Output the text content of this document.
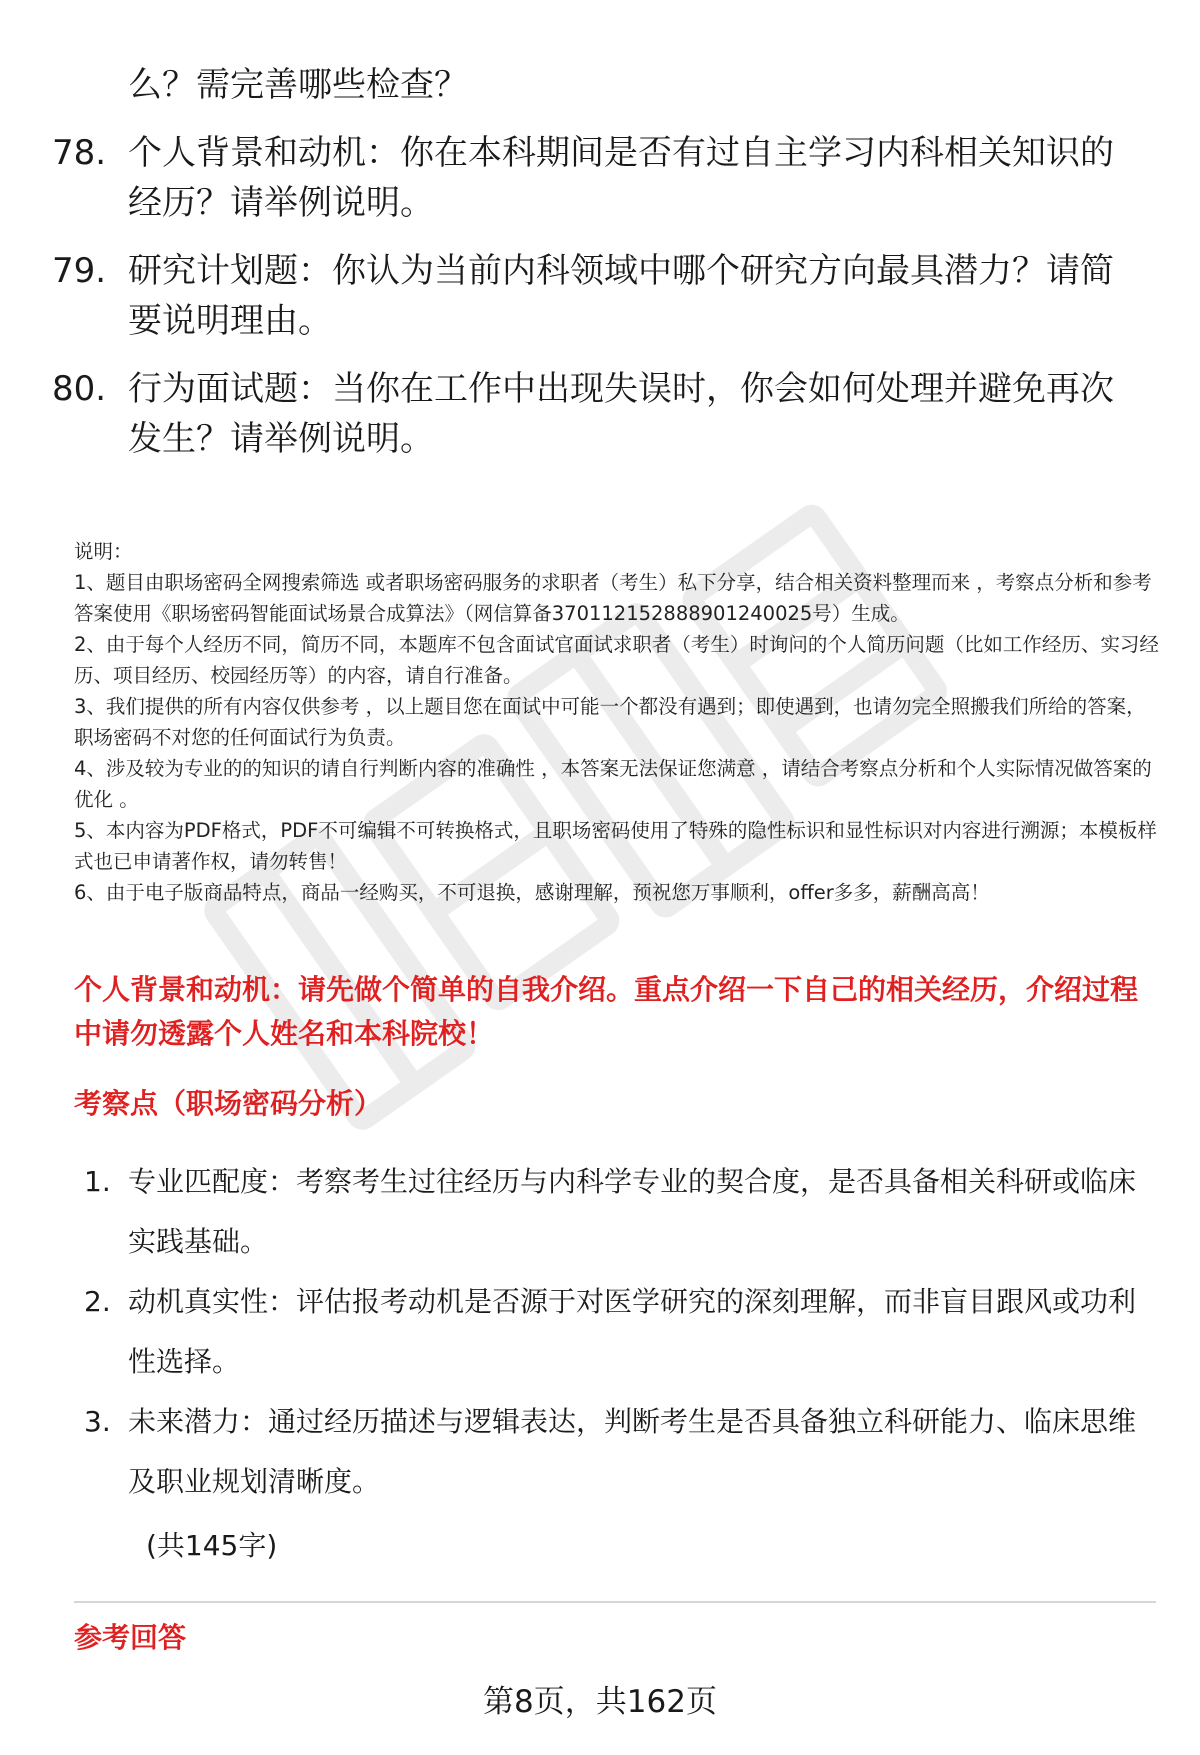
么？需完善哪些检查？
78. 个人背景和动机：你在本科期间是否有过自主学习内科相关知识的经历？请举例说明。
79. 研究计划题：你认为当前内科领域中哪个研究方向最具潜力？请简要说明理由。
80. 行为面试题：当你在工作中出现失误时，你会如何处理并避免再次发生？请举例说明。

说明：

1、题目由职场密码全网搜索筛选 或者职场密码服务的求职者（考生）私下分享，结合相关资料整理而来 ，考察点分析和参考答案使用《职场密码智能面试场景合成算法》（网信算备370112152888901240025号）生成。

2、由于每个人经历不同，简历不同，本题库不包含面试官面试求职者（考生）时询问的个人简历问题（比如工作经历、实习经历、项目经历、校园经历等）的内容，请自行准备。

3、我们提供的所有内容仅供参考 ，以上题目您在面试中可能一个都没有遇到；即使遇到，也请勿完全照搬我们所给的答案，职场密码不对您的任何面试行为负责。

4、涉及较为专业的的知识的请自行判断内容的准确性 ，本答案无法保证您满意 ，请结合考察点分析和个人实际情况做答案的优化 。

5、本内容为PDF格式，PDF不可编辑不可转换格式，且职场密码使用了特殊的隐性标识和显性标识对内容进行溯源；本模板样式也已申请著作权，请勿转售！

6、由于电子版商品特点，商品一经购买，不可退换，感谢理解，预祝您万事顺利，offer多多，薪酬高高！

个人背景和动机：请先做个简单的自我介绍。重点介绍一下自己的相关经历，介绍过程中请勿透露个人姓名和本科院校！
考察点（职场密码分析）
1. 专业匹配度：考察考生过往经历与内科学专业的契合度，是否具备相关科研或临床实践基础。
2. 动机真实性：评估报考动机是否源于对医学研究的深刻理解，而非盲目跟风或功利性选择。
3. 未来潜力：通过经历描述与逻辑表达，判断考生是否具备独立科研能力、临床思维及职业规划清晰度。
(共145字)
参考回答
第8页，共162页
